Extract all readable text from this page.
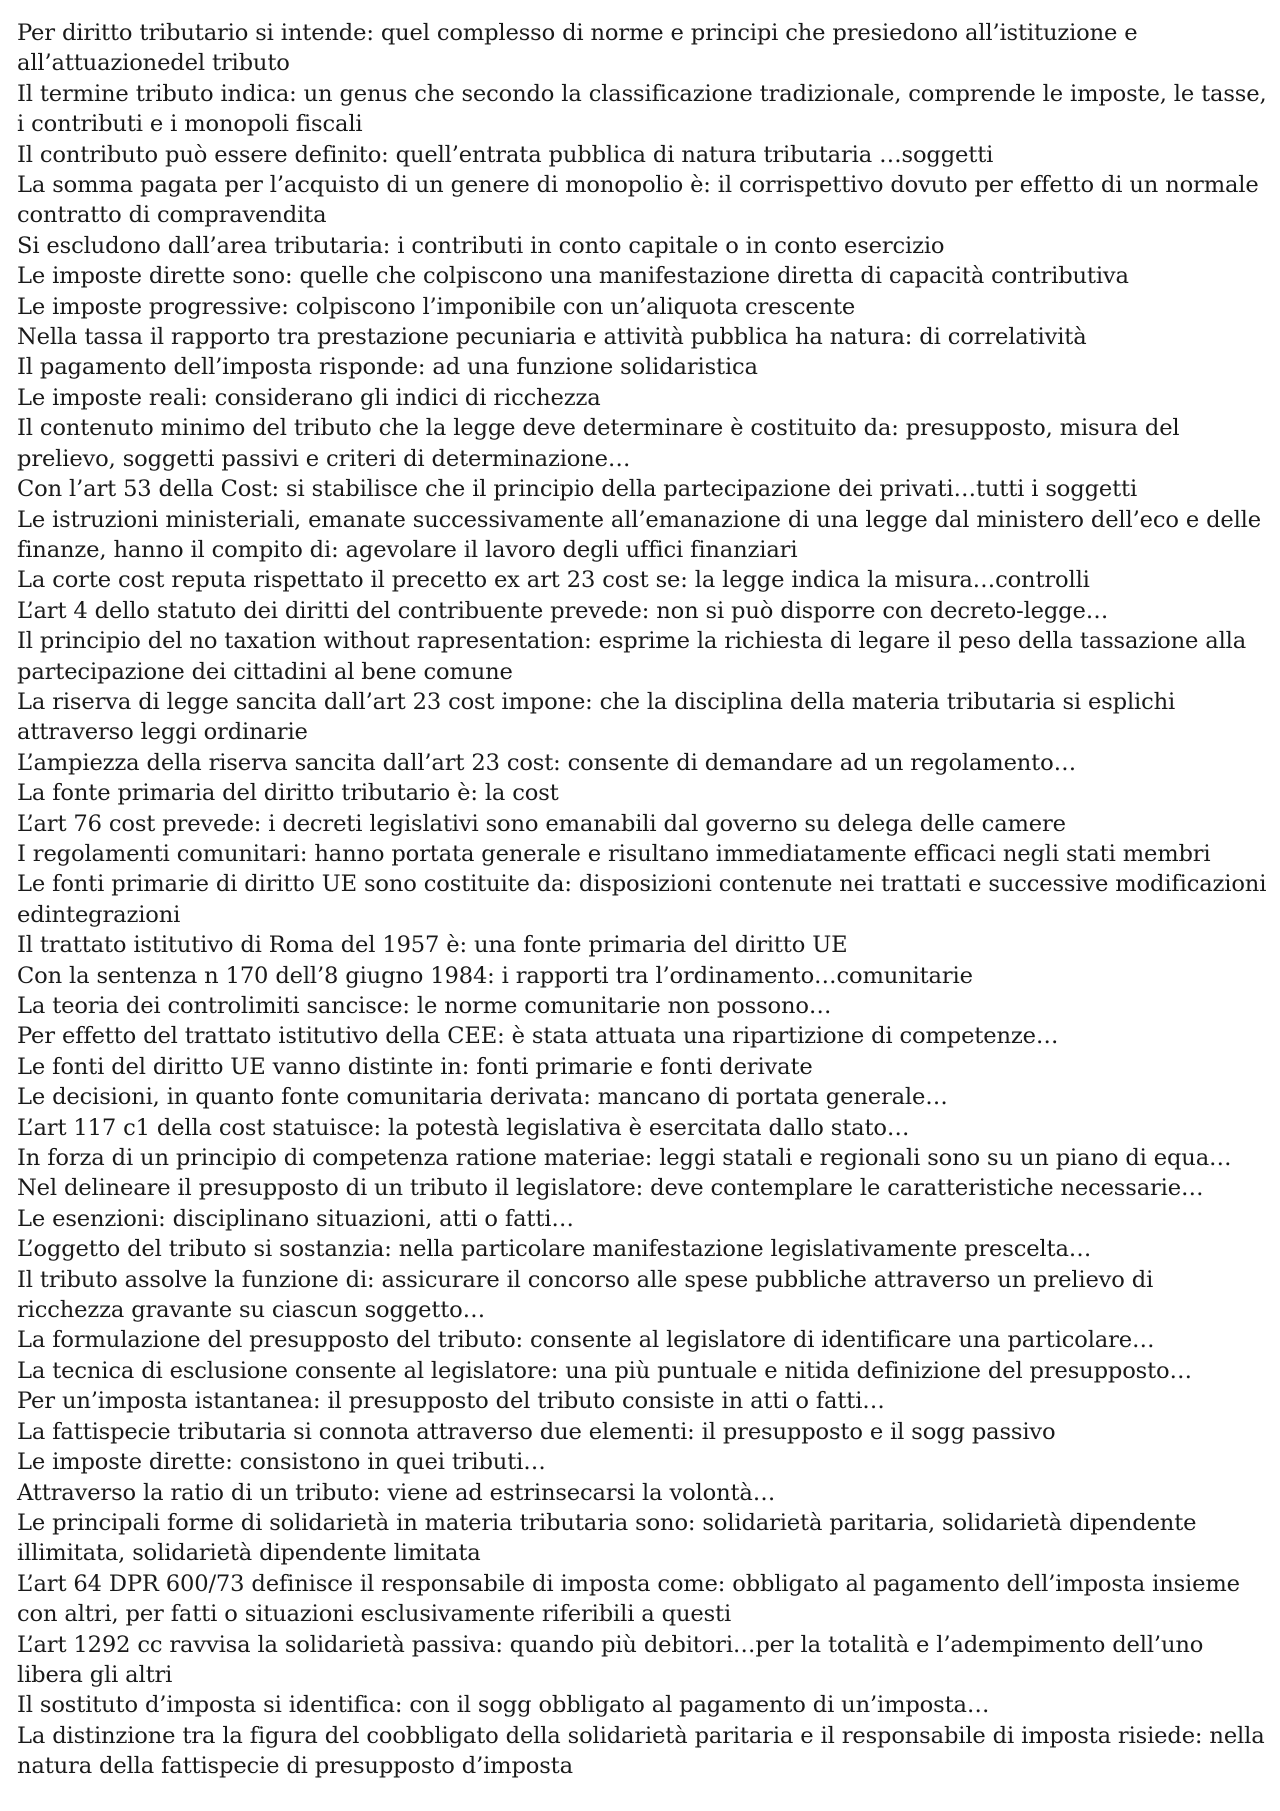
Per diritto tributario si intende: quel complesso di norme e principi che presiedono all’istituzione e all’attuazionedel tributo

Il termine tributo indica: un genus che secondo la classificazione tradizionale, comprende le imposte, le tasse, i contributi e i monopoli fiscali

Il contributo può essere definito: quell’entrata pubblica di natura tributaria …soggetti

La somma pagata per l’acquisto di un genere di monopolio è: il corrispettivo dovuto per effetto di un normale contratto di compravendita

Si escludono dall’area tributaria: i contributi in conto capitale o in conto esercizio

Le imposte dirette sono: quelle che colpiscono una manifestazione diretta di capacità contributiva

Le imposte progressive: colpiscono l’imponibile con un’aliquota crescente

Nella tassa il rapporto tra prestazione pecuniaria e attività pubblica ha natura: di correlatività

Il pagamento dell’imposta risponde: ad una funzione solidaristica

Le imposte reali: considerano gli indici di ricchezza

Il contenuto minimo del tributo che la legge deve determinare è costituito da: presupposto, misura del prelievo, soggetti passivi e criteri di determinazione…

Con l’art 53 della Cost: si stabilisce che il principio della partecipazione dei privati…tutti i soggetti

Le istruzioni ministeriali, emanate successivamente all’emanazione di una legge dal ministero dell’eco e delle finanze, hanno il compito di: agevolare il lavoro degli uffici finanziari

La corte cost reputa rispettato il precetto ex art 23 cost se: la legge indica la misura…controlli

L’art 4 dello statuto dei diritti del contribuente prevede: non si può disporre con decreto-legge…

Il principio del no taxation without rapresentation: esprime la richiesta di legare il peso della tassazione alla partecipazione dei cittadini al bene comune

La riserva di legge sancita dall’art 23 cost impone: che la disciplina della materia tributaria si esplichi attraverso leggi ordinarie

L’ampiezza della riserva sancita dall’art 23 cost: consente di demandare ad un regolamento…

La fonte primaria del diritto tributario è: la cost

L’art 76 cost prevede: i decreti legislativi sono emanabili dal governo su delega delle camere

I regolamenti comunitari: hanno portata generale e risultano immediatamente efficaci negli stati membri

Le fonti primarie di diritto UE sono costituite da: disposizioni contenute nei trattati e successive modificazioni edintegrazioni

Il trattato istitutivo di Roma del 1957 è: una fonte primaria del diritto UE

Con la sentenza n 170 dell’8 giugno 1984: i rapporti tra l’ordinamento…comunitarie

La teoria dei controlimiti sancisce: le norme comunitarie non possono…

Per effetto del trattato istitutivo della CEE: è stata attuata una ripartizione di competenze…

Le fonti del diritto UE vanno distinte in: fonti primarie e fonti derivate

Le decisioni, in quanto fonte comunitaria derivata: mancano di portata generale…

L’art 117 c1 della cost statuisce: la potestà legislativa è esercitata dallo stato…

In forza di un principio di competenza ratione materiae: leggi statali e regionali sono su un piano di equa…

Nel delineare il presupposto di un tributo il legislatore: deve contemplare le caratteristiche necessarie…

Le esenzioni: disciplinano situazioni, atti o fatti…

L’oggetto del tributo si sostanzia: nella particolare manifestazione legislativamente prescelta…

Il tributo assolve la funzione di: assicurare il concorso alle spese pubbliche attraverso un prelievo di ricchezza gravante su ciascun soggetto…

La formulazione del presupposto del tributo: consente al legislatore di identificare una particolare…

La tecnica di esclusione consente al legislatore: una più puntuale e nitida definizione del presupposto…

Per un’imposta istantanea: il presupposto del tributo consiste in atti o fatti…

La fattispecie tributaria si connota attraverso due elementi: il presupposto e il sogg passivo

Le imposte dirette: consistono in quei tributi…

Attraverso la ratio di un tributo: viene ad estrinsecarsi la volontà…

Le principali forme di solidarietà in materia tributaria sono: solidarietà paritaria, solidarietà dipendente illimitata, solidarietà dipendente limitata

L’art 64 DPR 600/73 definisce il responsabile di imposta come: obbligato al pagamento dell’imposta insieme con altri, per fatti o situazioni esclusivamente riferibili a questi

L’art 1292 cc ravvisa la solidarietà passiva: quando più debitori…per la totalità e l’adempimento dell’uno libera gli altri

Il sostituto d’imposta si identifica: con il sogg obbligato al pagamento di un’imposta…

La distinzione tra la figura del coobbligato della solidarietà paritaria e il responsabile di imposta risiede: nella natura della fattispecie di presupposto d’imposta
